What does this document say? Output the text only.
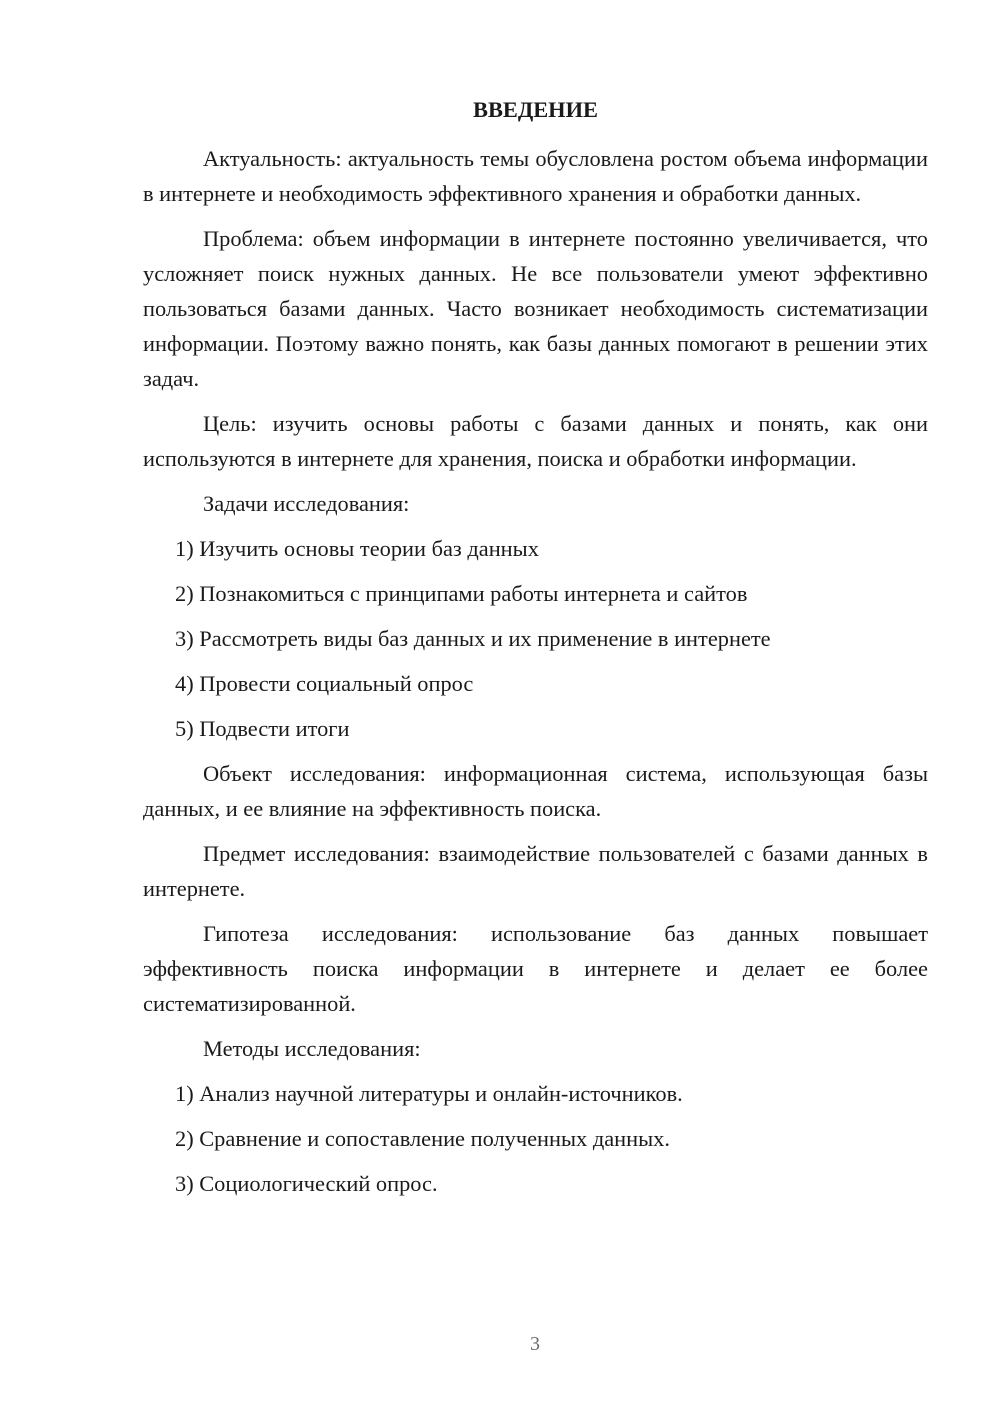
ВВЕДЕНИЕ

Актуальность: актуальность темы обусловлена ростом объема информации в интернете и необходимость эффективного хранения и обработки данных.

Проблема: объем информации в интернете постоянно увеличивается, что усложняет поиск нужных данных. Не все пользователи умеют эффективно пользоваться базами данных. Часто возникает необходимость систематизации информации. Поэтому важно понять, как базы данных помогают в решении этих задач.

Цель: изучить основы работы с базами данных и понять, как они используются в интернете для хранения, поиска и обработки информации.

Задачи исследования:

1) Изучить основы теории баз данных

2) Познакомиться с принципами работы интернета и сайтов

3) Рассмотреть виды баз данных и их применение в интернете

4) Провести социальный опрос

5) Подвести итоги

Объект исследования: информационная система, использующая базы данных, и ее влияние на эффективность поиска.

Предмет исследования: взаимодействие пользователей с базами данных в интернете.

Гипотеза исследования: использование баз данных повышает эффективность поиска информации в интернете и делает ее более систематизированной.

Методы исследования:

1) Анализ научной литературы и онлайн-источников.

2) Сравнение и сопоставление полученных данных.

3) Социологический опрос.

3
